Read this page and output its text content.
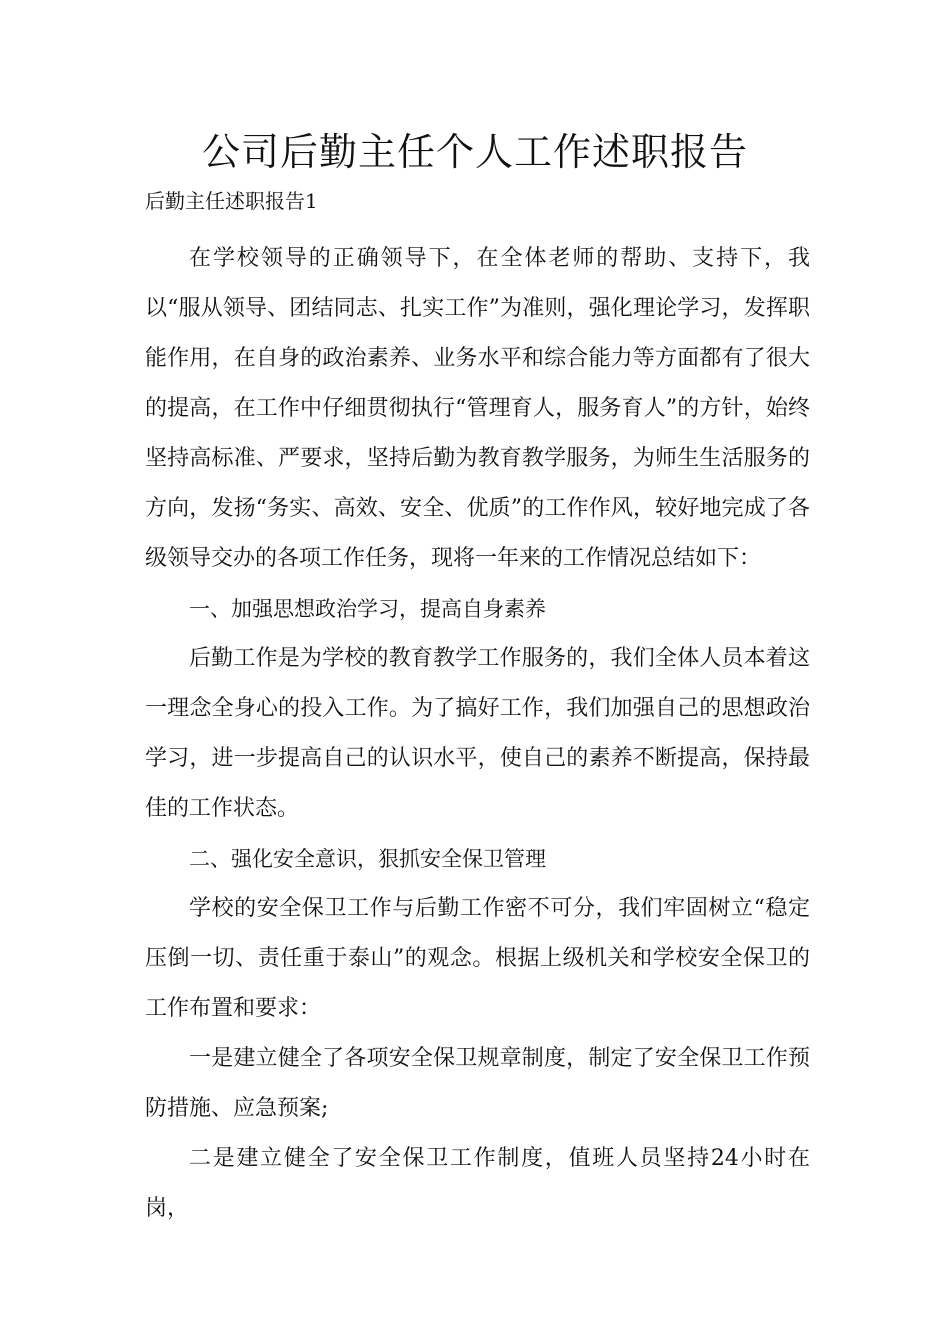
公司后勤主任个人工作述职报告

后勤主任述职报告1

在学校领导的正确领导下，在全体老师的帮助、支持下，我以“服从领导、团结同志、扎实工作”为准则，强化理论学习，发挥职能作用，在自身的政治素养、业务水平和综合能力等方面都有了很大的提高，在工作中仔细贯彻执行“管理育人，服务育人”的方针，始终坚持高标准、严要求，坚持后勤为教育教学服务，为师生生活服务的方向，发扬“务实、高效、安全、优质”的工作作风，较好地完成了各级领导交办的各项工作任务，现将一年来的工作情况总结如下：

一、加强思想政治学习，提高自身素养

后勤工作是为学校的教育教学工作服务的，我们全体人员本着这一理念全身心的投入工作。为了搞好工作，我们加强自己的思想政治学习，进一步提高自己的认识水平，使自己的素养不断提高，保持最佳的工作状态。

二、强化安全意识，狠抓安全保卫管理

学校的安全保卫工作与后勤工作密不可分，我们牢固树立“稳定压倒一切、责任重于泰山”的观念。根据上级机关和学校安全保卫的工作布置和要求：

一是建立健全了各项安全保卫规章制度，制定了安全保卫工作预防措施、应急预案;

二是建立健全了安全保卫工作制度，值班人员坚持24小时在岗，
